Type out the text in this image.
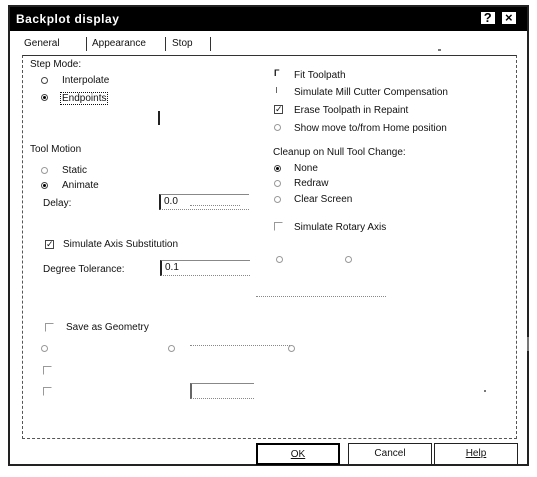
Backplot display	? ×
General	Appearance	Stop
Step Mode:
Interpolate
Endpoints
Tool Motion
Static
Animate
Delay:	0.0
✓ Simulate Axis Substitution
Degree Tolerance:	0.1
Save as Geometry
Γ Fit Toolpath
Simulate Mill Cutter Compensation
✓ Erase Toolpath in Repaint
Show move to/from Home position
Cleanup on Null Tool Change:
None
Redraw
Clear Screen
Simulate Rotary Axis
OK	Cancel	Help
